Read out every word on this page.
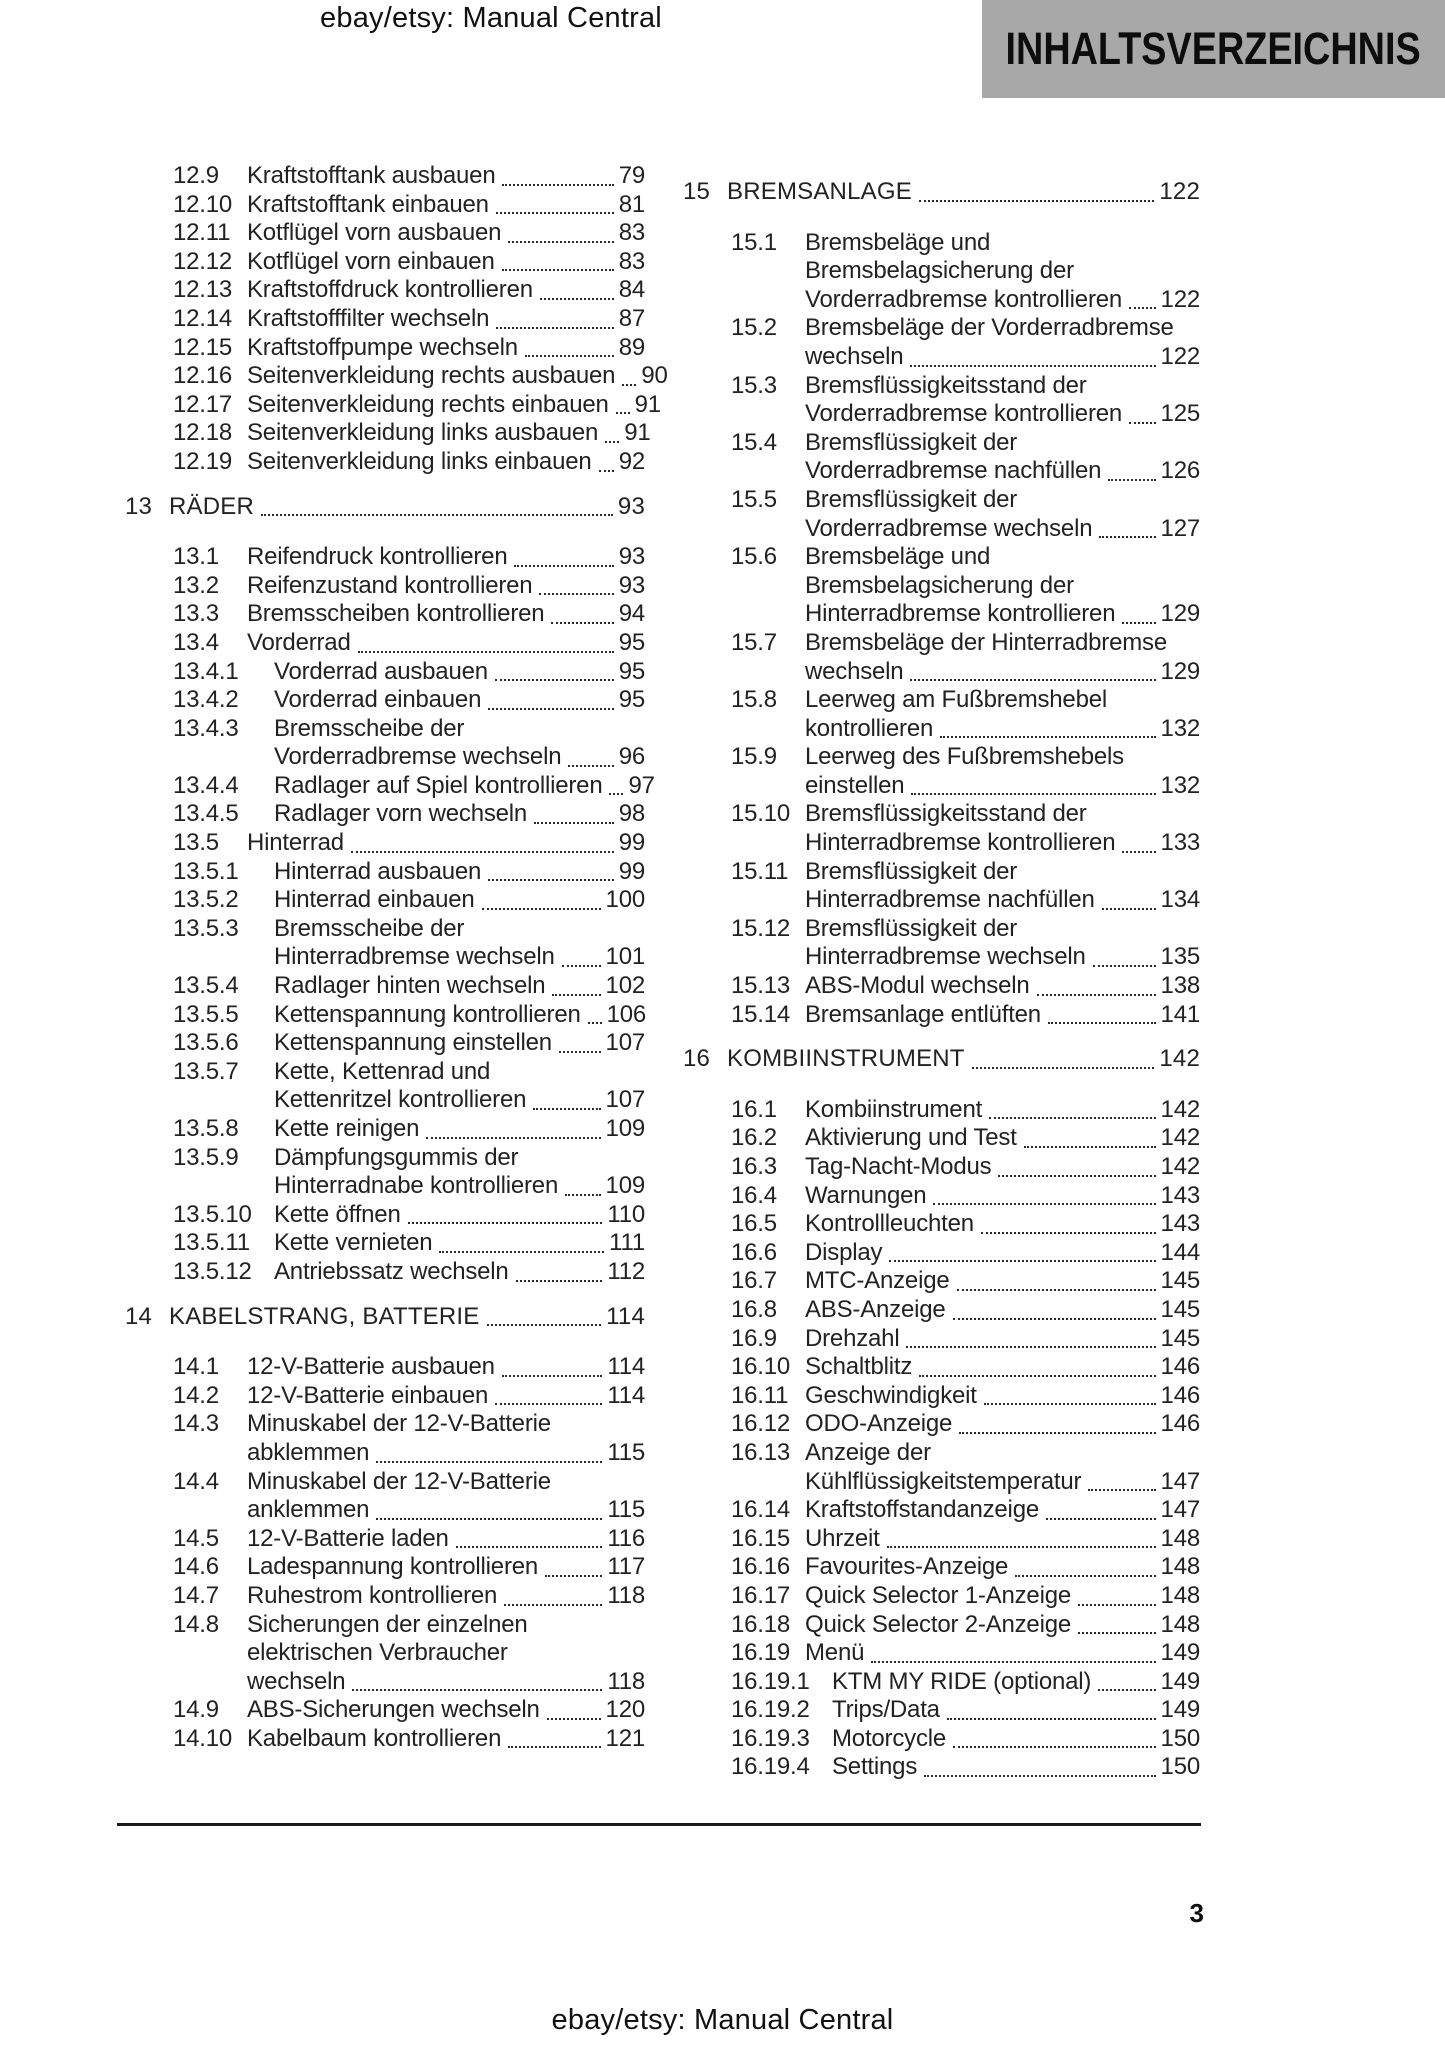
ebay/etsy: Manual Central
INHALTSVERZEICHNIS
12.9	Kraftstofftank ausbauen	79
12.10 Kraftstofftank einbauen	81
12.11 Kotflügel vorn ausbauen	83
12.12 Kotflügel vorn einbauen	83
12.13 Kraftstoffdruck kontrollieren	84
12.14 Kraftstofffilter wechseln	87
12.15 Kraftstoffpumpe wechseln	89
12.16 Seitenverkleidung rechts ausbauen 90
12.17 Seitenverkleidung rechts einbauen 91
12.18 Seitenverkleidung links ausbauen 91
12.19 Seitenverkleidung links einbauen 92
13 RÄDER	93
13.1	Reifendruck kontrollieren	93
13.2	Reifenzustand kontrollieren	93
13.3	Bremsscheiben kontrollieren	94
13.4	Vorderrad	95
13.4.1	Vorderrad ausbauen	95
13.4.2	Vorderrad einbauen	95
13.4.3	Bremsscheibe der
Vorderradbremse wechseln 96
13.4.4	Radlager auf Spiel kontrollieren 97
13.4.5	Radlager vorn wechseln	98
13.5	Hinterrad	99
13.5.1	Hinterrad ausbauen	99
13.5.2	Hinterrad einbauen	100
13.5.3	Bremsscheibe der
Hinterradbremse wechseln 101
13.5.4	Radlager hinten wechseln	102
13.5.5	Kettenspannung kontrollieren 106
13.5.6	Kettenspannung einstellen 107
13.5.7	Kette, Kettenrad und
Kettenritzel kontrollieren	107
13.5.8	Kette reinigen	109
13.5.9	Dämpfungsgummis der
Hinterradnabe kontrollieren 109
13.5.10 Kette öffnen	110
13.5.11	Kette vernieten	111
13.5.12 Antriebssatz wechseln	112
14 KABELSTRANG, BATTERIE	114
14.1	12-V-Batterie ausbauen	114
14.2	12-V-Batterie einbauen	114
14.3	Minuskabel der 12-V-Batterie
abklemmen	115
14.4	Minuskabel der 12-V-Batterie
anklemmen	115
14.5	12-V-Batterie laden	116
14.6	Ladespannung kontrollieren	117
14.7	Ruhestrom kontrollieren	118
14.8	Sicherungen der einzelnen
elektrischen Verbraucher
wechseln	118
14.9	ABS-Sicherungen wechseln	120
14.10 Kabelbaum kontrollieren	121
15 BREMSANLAGE	122
15.1	Bremsbeläge und
Bremsbelagsicherung der
Vorderradbremse kontrollieren 122
15.2	Bremsbeläge der Vorderradbremse
wechseln	122
15.3	Bremsflüssigkeitsstand der
Vorderradbremse kontrollieren 125
15.4	Bremsflüssigkeit der
Vorderradbremse nachfüllen 126
15.5	Bremsflüssigkeit der
Vorderradbremse wechseln	127
15.6	Bremsbeläge und
Bremsbelagsicherung der
Hinterradbremse kontrollieren 129
15.7	Bremsbeläge der Hinterradbremse
wechseln	129
15.8	Leerweg am Fußbremshebel
kontrollieren	132
15.9	Leerweg des Fußbremshebels
einstellen	132
15.10 Bremsflüssigkeitsstand der
Hinterradbremse kontrollieren 133
15.11 Bremsflüssigkeit der
Hinterradbremse nachfüllen	134
15.12 Bremsflüssigkeit der
Hinterradbremse wechseln	135
15.13 ABS-Modul wechseln	138
15.14 Bremsanlage entlüften	141
16 KOMBIINSTRUMENT	142
16.1	Kombiinstrument	142
16.2	Aktivierung und Test	142
16.3	Tag-Nacht-Modus	142
16.4	Warnungen	143
16.5	Kontrollleuchten	143
16.6	Display	144
16.7	MTC-Anzeige	145
16.8	ABS-Anzeige	145
16.9	Drehzahl	145
16.10 Schaltblitz	146
16.11 Geschwindigkeit	146
16.12 ODO-Anzeige	146
16.13 Anzeige der
Kühlflüssigkeitstemperatur	147
16.14 Kraftstoffstandanzeige	147
16.15 Uhrzeit	148
16.16 Favourites-Anzeige	148
16.17 Quick Selector 1-Anzeige	148
16.18 Quick Selector 2-Anzeige	148
16.19 Menü	149
16.19.1 KTM MY RIDE (optional)	149
16.19.2 Trips/Data	149
16.19.3 Motorcycle	150
16.19.4 Settings	150
3
ebay/etsy: Manual Central
